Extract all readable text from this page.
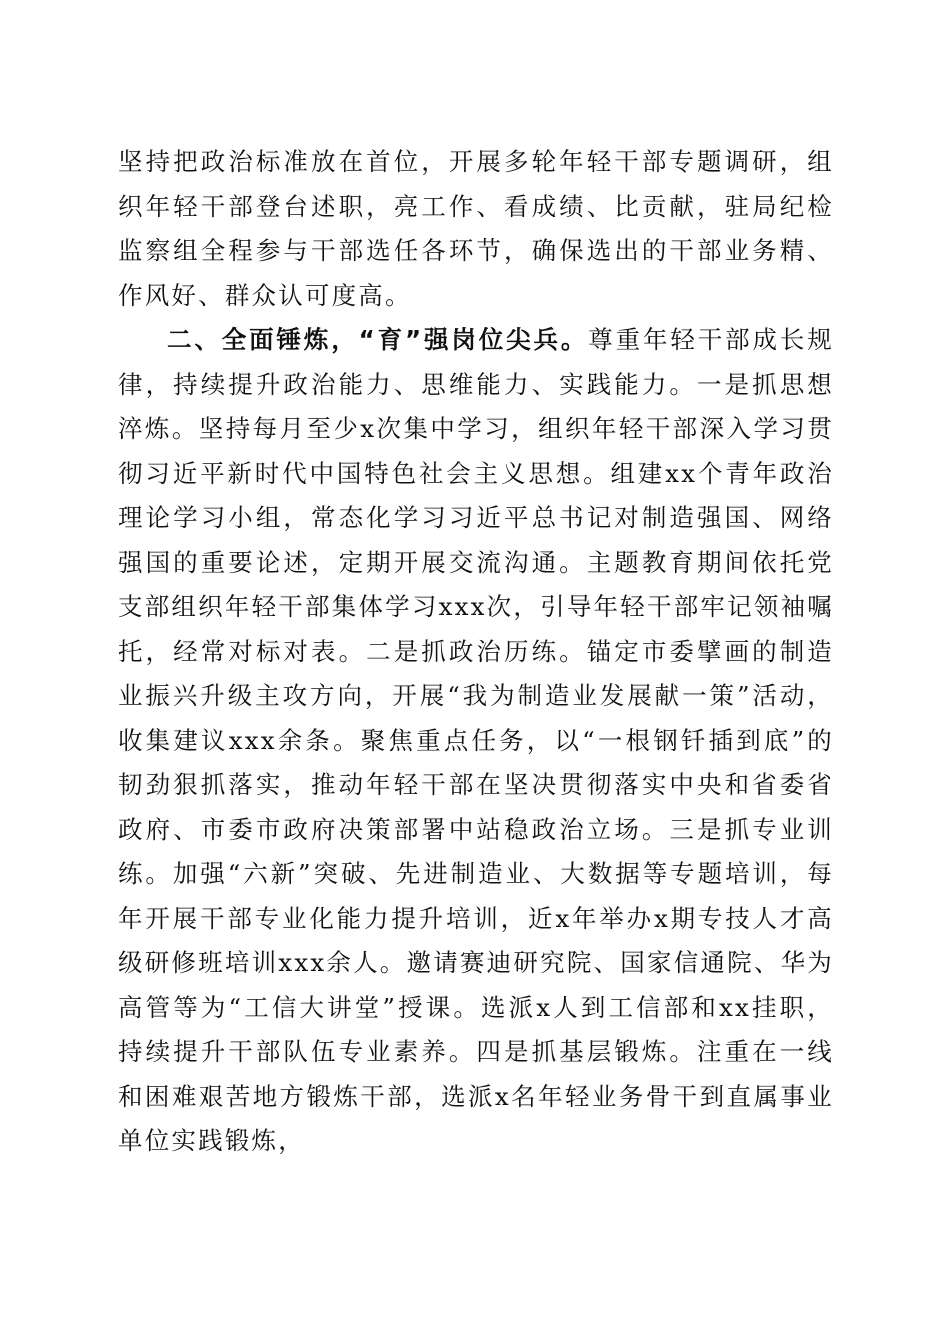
坚持把政治标准放在首位，开展多轮年轻干部专题调研，组织年轻干部登台述职，亮工作、看成绩、比贡献，驻局纪检监察组全程参与干部选任各环节，确保选出的干部业务精、作风好、群众认可度高。

二、全面锤炼，“育”强岗位尖兵。尊重年轻干部成长规律，持续提升政治能力、思维能力、实践能力。一是抓思想淬炼。坚持每月至少x次集中学习，组织年轻干部深入学习贯彻习近平新时代中国特色社会主义思想。组建xx个青年政治理论学习小组，常态化学习习近平总书记对制造强国、网络强国的重要论述，定期开展交流沟通。主题教育期间依托党支部组织年轻干部集体学习xxx次，引导年轻干部牢记领袖嘱托，经常对标对表。二是抓政治历练。锚定市委擘画的制造业振兴升级主攻方向，开展“我为制造业发展献一策”活动，收集建议xxx余条。聚焦重点任务，以“一根钢钎插到底”的韧劲狠抓落实，推动年轻干部在坚决贯彻落实中央和省委省政府、市委市政府决策部署中站稳政治立场。三是抓专业训练。加强“六新”突破、先进制造业、大数据等专题培训，每年开展干部专业化能力提升培训，近x年举办x期专技人才高级研修班培训xxx余人。邀请赛迪研究院、国家信通院、华为高管等为“工信大讲堂”授课。选派x人到工信部和xx挂职，持续提升干部队伍专业素养。四是抓基层锻炼。注重在一线和困难艰苦地方锻炼干部，选派x名年轻业务骨干到直属事业单位实践锻炼，
